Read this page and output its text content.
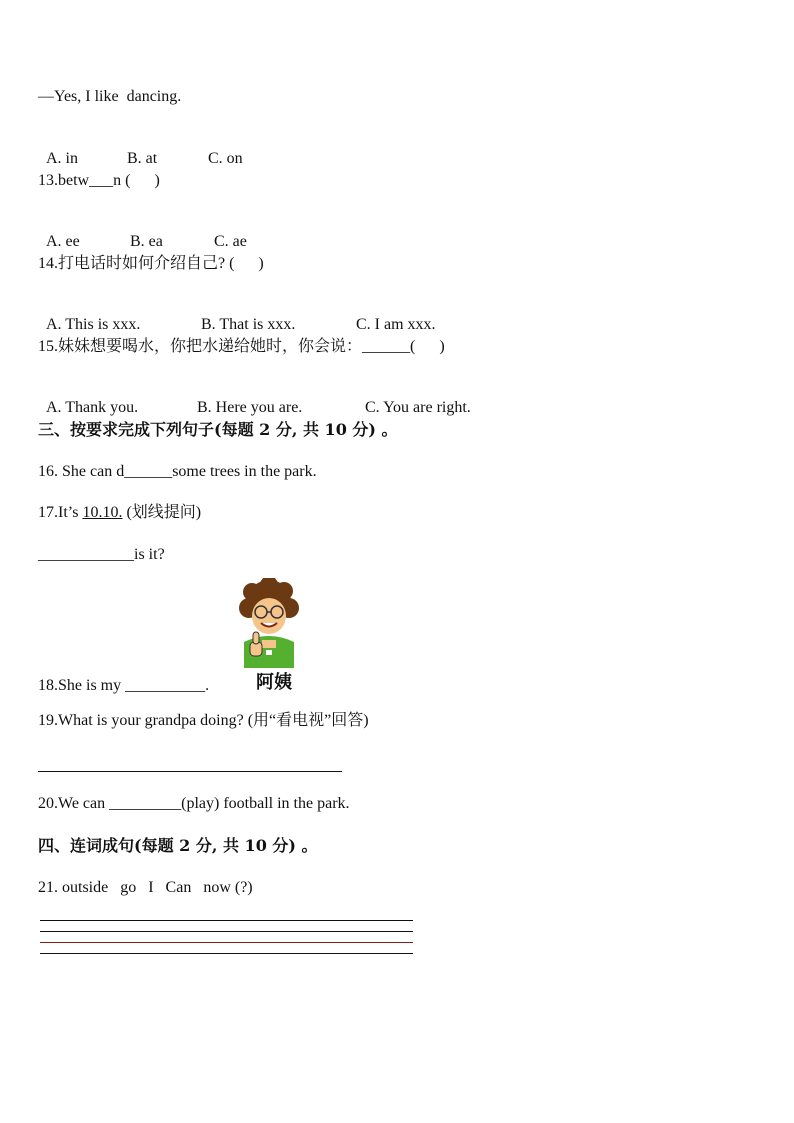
—Yes, I like  dancing.

A. in	B. at	C. on

13.betw___n (      )

A. ee	B. ea	C. ae

14.打电话时如何介绍自己? (      )

A. This is xxx.	B. That is xxx.	C. I am xxx.

15.妹妹想要喝水，你把水递给她时，你会说：______(      )

A. Thank you.	B. Here you are.	C. You are right.

三、按要求完成下列句子(每题 2 分, 共 10 分) 。
16. She can d______some trees in the park.
17.It’s 10.10. (划线提问)
____________is it?
阿姨
18.She is my __________.
19.What is your grandpa doing? (用“看电视”回答)
20.We can _________(play) football in the park.
四、连词成句(每题 2 分, 共 10 分) 。
21. outside   go   I   Can   now (?)
